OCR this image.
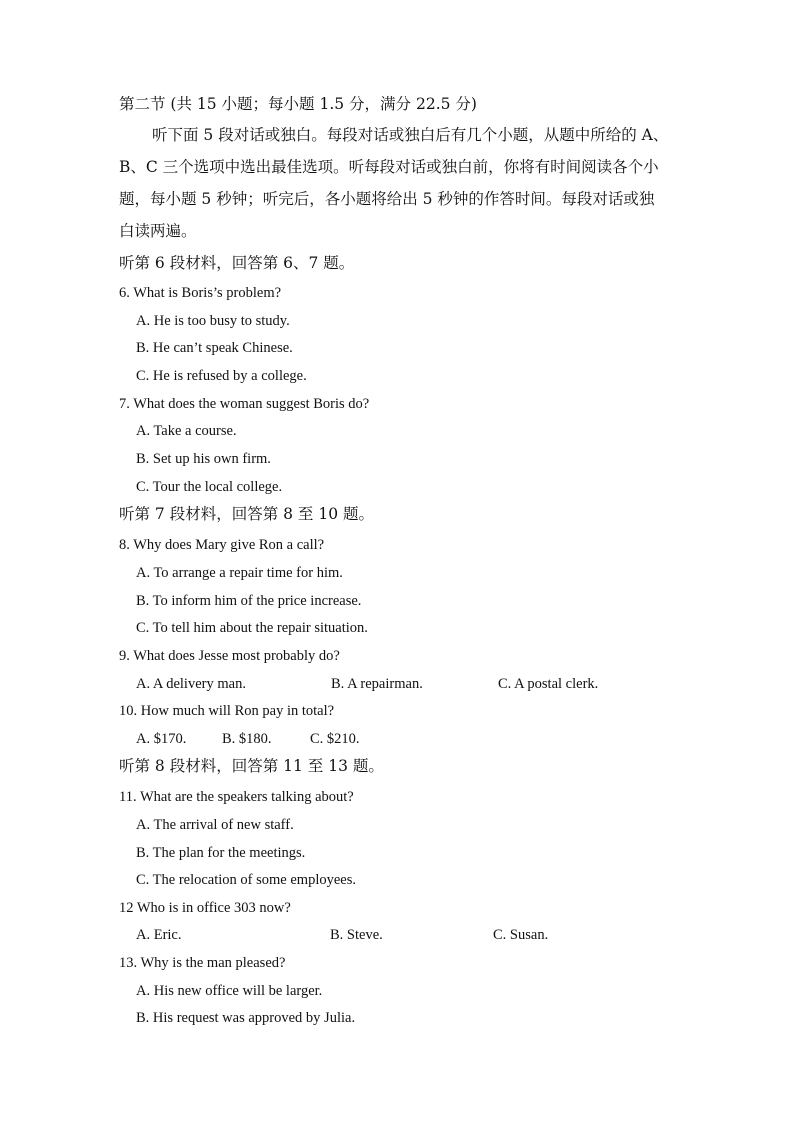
第二节 (共 15 小题；每小题 1.5 分，满分 22.5 分)
听下面 5 段对话或独白。每段对话或独白后有几个小题，从题中所给的 A、
B、C 三个选项中选出最佳选项。听每段对话或独白前，你将有时间阅读各个小
题，每小题 5 秒钟；听完后，各小题将给出 5 秒钟的作答时间。每段对话或独
白读两遍。
听第 6 段材料，回答第 6、7 题。
6. What is Boris’s problem?
A. He is too busy to study.
B. He can’t speak Chinese.
C. He is refused by a college.
7. What does the woman suggest Boris do?
A. Take a course.
B. Set up his own firm.
C. Tour the local college.
听第 7 段材料，回答第 8 至 10 题。
8. Why does Mary give Ron a call?
A. To arrange a repair time for him.
B. To inform him of the price increase.
C. To tell him about the repair situation.
9. What does Jesse most probably do?
A. A delivery man.	B. A repairman.	C. A postal clerk.
10. How much will Ron pay in total?
A. $170. B. $180.	C. $210.
听第 8 段材料，回答第 11 至 13 题。
11. What are the speakers talking about?
A. The arrival of new staff.
B. The plan for the meetings.
C. The relocation of some employees.
12 Who is in office 303 now?
A. Eric.	B. Steve.	C. Susan.
13. Why is the man pleased?
A. His new office will be larger.
B. His request was approved by Julia.
